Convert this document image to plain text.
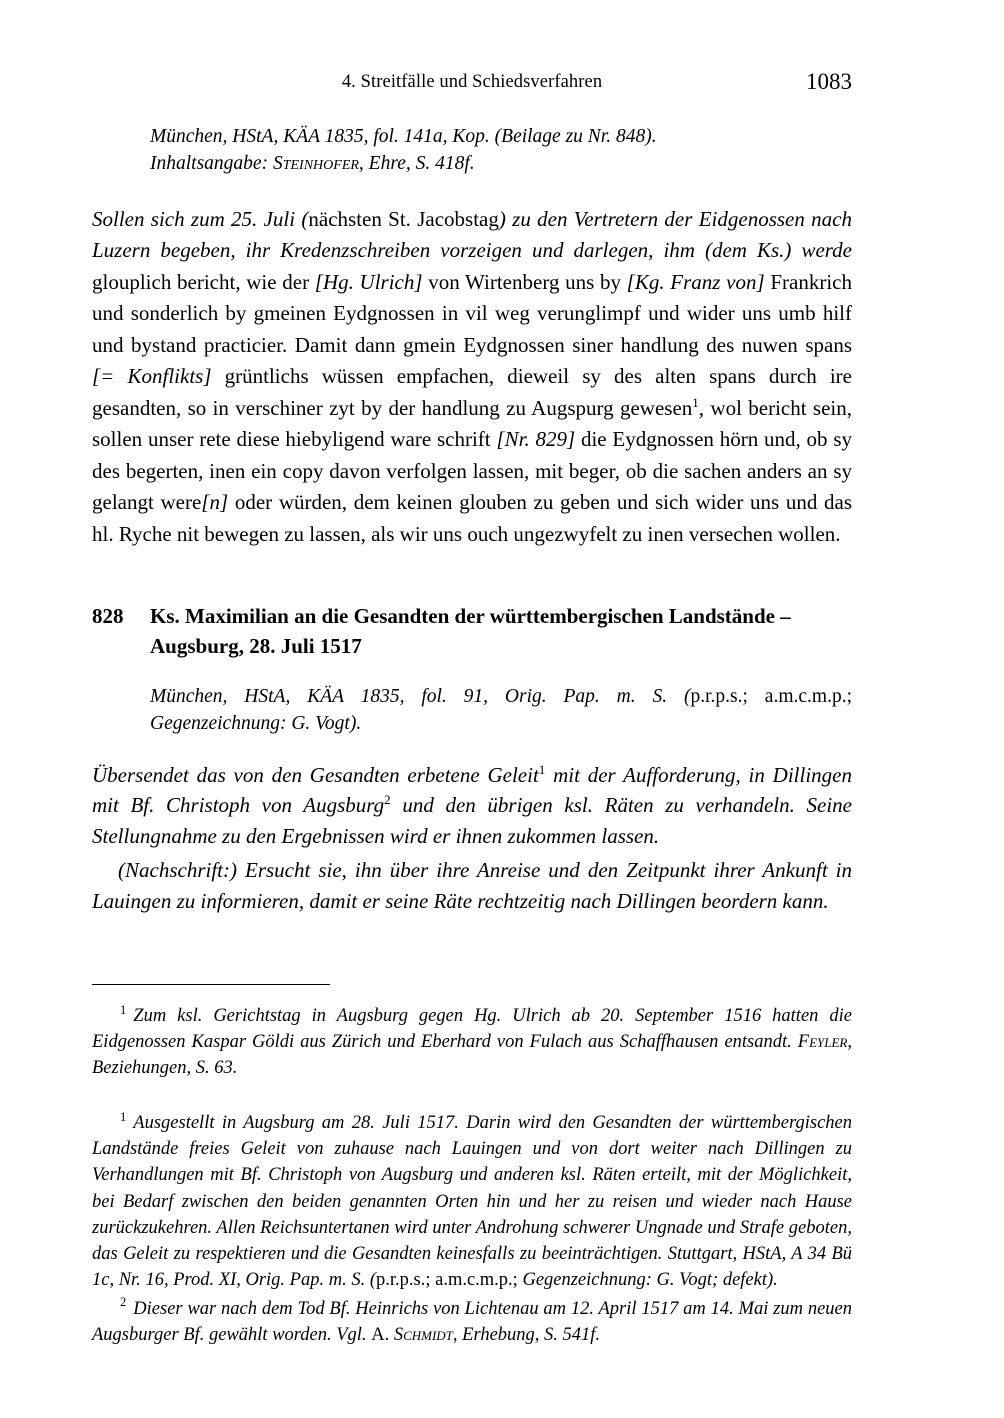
4. Streitfälle und Schiedsverfahren	1083
München, HStA, KÄA 1835, fol. 141a, Kop. (Beilage zu Nr. 848).
Inhaltsangabe: Steinhofer, Ehre, S. 418f.
Sollen sich zum 25. Juli (nächsten St. Jacobstag) zu den Vertretern der Eidgenossen nach Luzern begeben, ihr Kredenzschreiben vorzeigen und darlegen, ihm (dem Ks.) werde glouplich bericht, wie der [Hg. Ulrich] von Wirtenberg uns by [Kg. Franz von] Frankrich und sonderlich by gmeinen Eydgnossen in vil weg verunglimpf und wider uns umb hilf und bystand practicier. Damit dann gmein Eydgnossen siner handlung des nuwen spans [= Konflikts] grüntlichs wüssen empfachen, dieweil sy des alten spans durch ire gesandten, so in verschiner zyt by der handlung zu Augspurg gewesen$^1$, wol bericht sein, sollen unser rete diese hiebyligend ware schrift [Nr. 829] die Eydgnossen hörn und, ob sy des begerten, inen ein copy davon verfolgen lassen, mit beger, ob die sachen anders an sy gelangt were[n] oder würden, dem keinen glouben zu geben und sich wider uns und das hl. Ryche nit bewegen zu lassen, als wir uns ouch ungezwyfelt zu inen versechen wollen.
828	Ks. Maximilian an die Gesandten der württembergischen Landstände – Augsburg, 28. Juli 1517
München, HStA, KÄA 1835, fol. 91, Orig. Pap. m. S. (p.r.p.s.; a.m.c.m.p.; Gegenzeichnung: G. Vogt).
Übersendet das von den Gesandten erbetene Geleit$^1$ mit der Aufforderung, in Dillingen mit Bf. Christoph von Augsburg$^2$ und den übrigen ksl. Räten zu verhandeln. Seine Stellungnahme zu den Ergebnissen wird er ihnen zukommen lassen.
(Nachschrift:) Ersucht sie, ihn über ihre Anreise und den Zeitpunkt ihrer Ankunft in Lauingen zu informieren, damit er seine Räte rechtzeitig nach Dillingen beordern kann.
$^1$ Zum ksl. Gerichtstag in Augsburg gegen Hg. Ulrich ab 20. September 1516 hatten die Eidgenossen Kaspar Göldi aus Zürich und Eberhard von Fulach aus Schaffhausen entsandt. Feyler, Beziehungen, S. 63.
$^1$ Ausgestellt in Augsburg am 28. Juli 1517. Darin wird den Gesandten der württembergischen Landstände freies Geleit von zuhause nach Lauingen und von dort weiter nach Dillingen zu Verhandlungen mit Bf. Christoph von Augsburg und anderen ksl. Räten erteilt, mit der Möglichkeit, bei Bedarf zwischen den beiden genannten Orten hin und her zu reisen und wieder nach Hause zurückzukehren. Allen Reichsuntertanen wird unter Androhung schwerer Ungnade und Strafe geboten, das Geleit zu respektieren und die Gesandten keinesfalls zu beeinträchtigen. Stuttgart, HStA, A 34 Bü 1c, Nr. 16, Prod. XI, Orig. Pap. m. S. (p.r.p.s.; a.m.c.m.p.; Gegenzeichnung: G. Vogt; defekt).
$^2$ Dieser war nach dem Tod Bf. Heinrichs von Lichtenau am 12. April 1517 am 14. Mai zum neuen Augsburger Bf. gewählt worden. Vgl. A. Schmidt, Erhebung, S. 541f.
